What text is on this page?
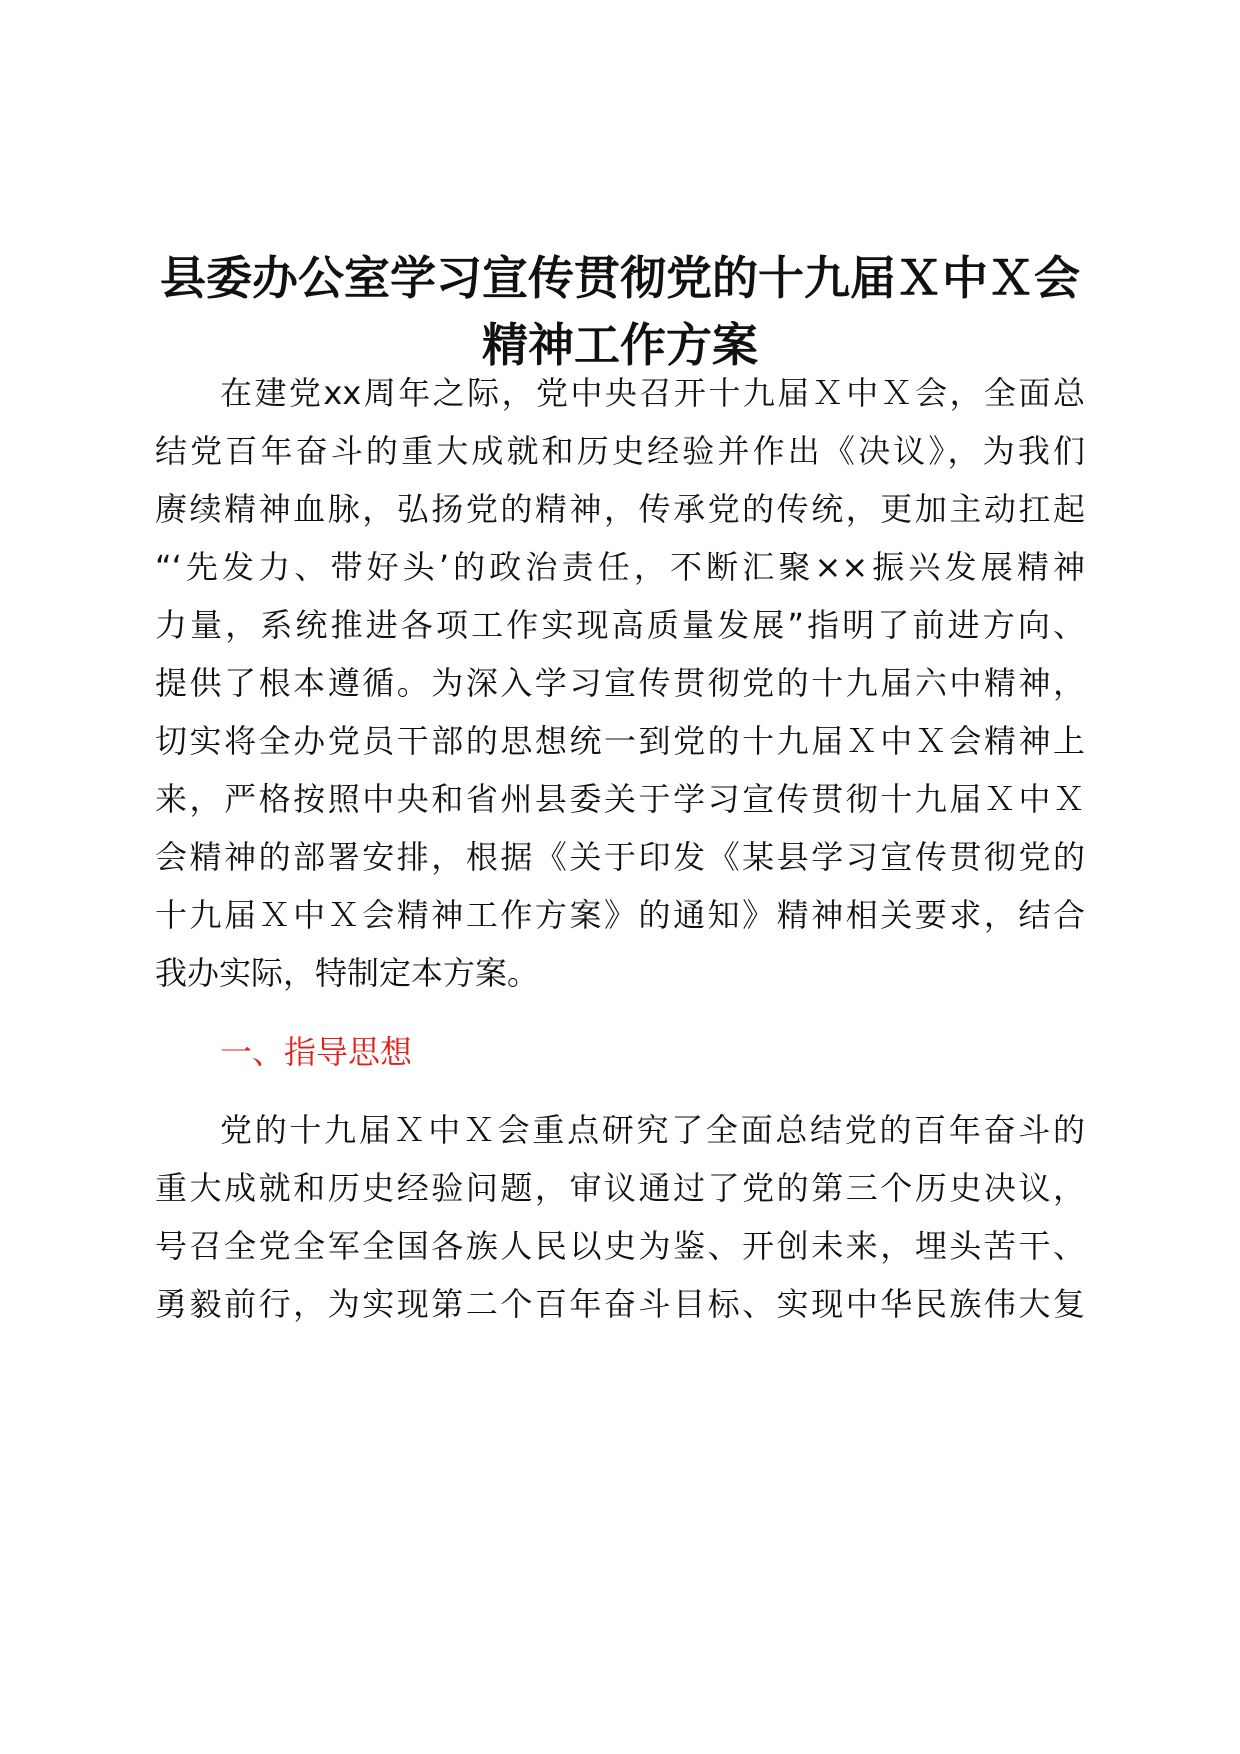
县委办公室学习宣传贯彻党的十九届Ｘ中Ｘ会
精神工作方案
在建党xx周年之际，党中央召开十九届Ｘ中Ｘ会，全面总
结党百年奋斗的重大成就和历史经验并作出《决议》，为我们
赓续精神血脉，弘扬党的精神，传承党的传统，更加主动扛起
“‘先发力、带好头’的政治责任，不断汇聚××振兴发展精神
力量，系统推进各项工作实现高质量发展”指明了前进方向、
提供了根本遵循。为深入学习宣传贯彻党的十九届六中精神，
切实将全办党员干部的思想统一到党的十九届Ｘ中Ｘ会精神上
来，严格按照中央和省州县委关于学习宣传贯彻十九届Ｘ中Ｘ
会精神的部署安排，根据《关于印发《某县学习宣传贯彻党的
十九届Ｘ中Ｘ会精神工作方案》的通知》精神相关要求，结合
我办实际，特制定本方案。
一、指导思想
党的十九届Ｘ中Ｘ会重点研究了全面总结党的百年奋斗的
重大成就和历史经验问题，审议通过了党的第三个历史决议，
号召全党全军全国各族人民以史为鉴、开创未来，埋头苦干、
勇毅前行，为实现第二个百年奋斗目标、实现中华民族伟大复
